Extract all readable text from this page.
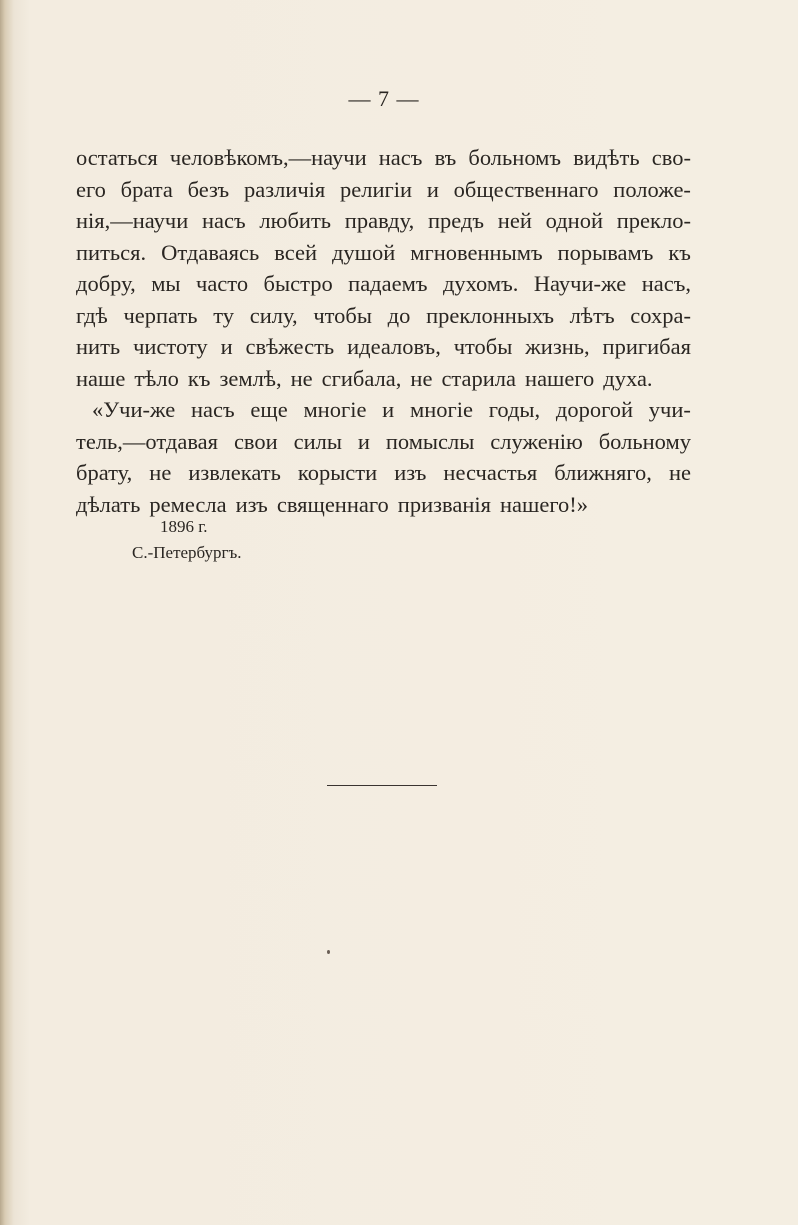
— 7 —
остаться человѣкомъ,—научи насъ въ больномъ видѣть сво-
его брата безъ различія религіи и общественнаго положе-
нія,—научи насъ любить правду, предъ ней одной прекло-
питься. Отдаваясь всей душой мгновеннымъ порывамъ къ
добру, мы часто быстро падаемъ духомъ. Научи-же насъ,
гдѣ черпать ту силу, чтобы до преклонныхъ лѣтъ сохра-
нить чистоту и свѣжесть идеаловъ, чтобы жизнь, пригибая
наше тѣло къ землѣ, не сгибала, не старила нашего духа.
«Учи-же насъ еще многіе и многіе годы, дорогой учи-
тель,—отдавая свои силы и помыслы служенію больному
брату, не извлекать корысти изъ несчастья ближняго, не
дѣлать ремесла изъ священнаго призванія нашего!»
1896 г.
С.-Петербургъ.
